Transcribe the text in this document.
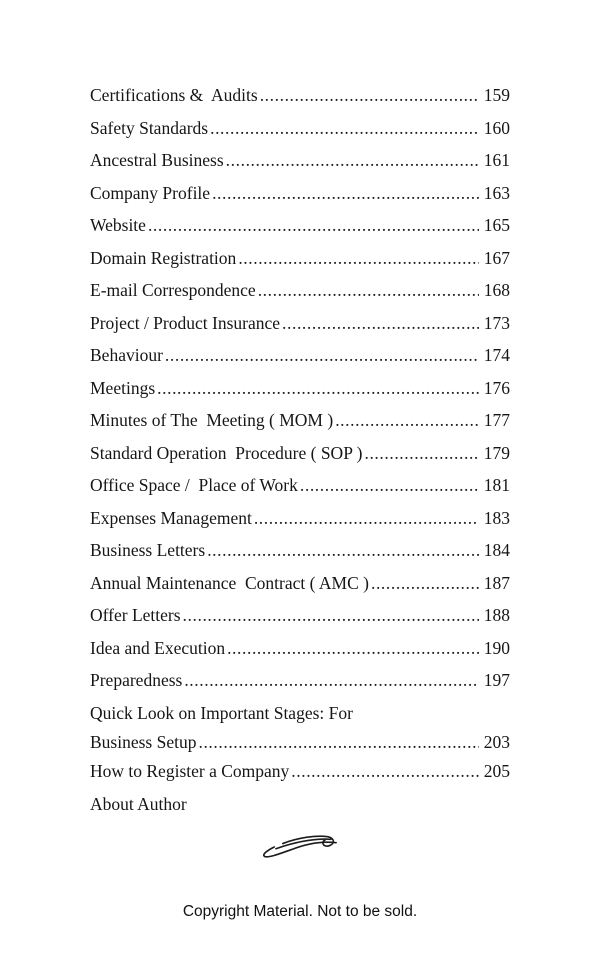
Certifications &  Audits .....	159
Safety Standards .....	160
Ancestral Business .....	161
Company Profile .....	163
Website .....	165
Domain Registration .....	167
E-mail Correspondence .....	168
Project / Product Insurance .....	173
Behaviour .....	174
Meetings .....	176
Minutes of The  Meeting ( MOM ) .....	177
Standard Operation  Procedure ( SOP ) .....	179
Office Space /  Place of Work .....	181
Expenses Management .....	183
Business Letters .....	184
Annual Maintenance  Contract ( AMC ) .....	187
Offer Letters .....	188
Idea and Execution .....	190
Preparedness .....	197
Quick Look on Important Stages: For
Business Setup .....	203
How to Register a Company .....	205
About Author
Copyright Material. Not to be sold.
